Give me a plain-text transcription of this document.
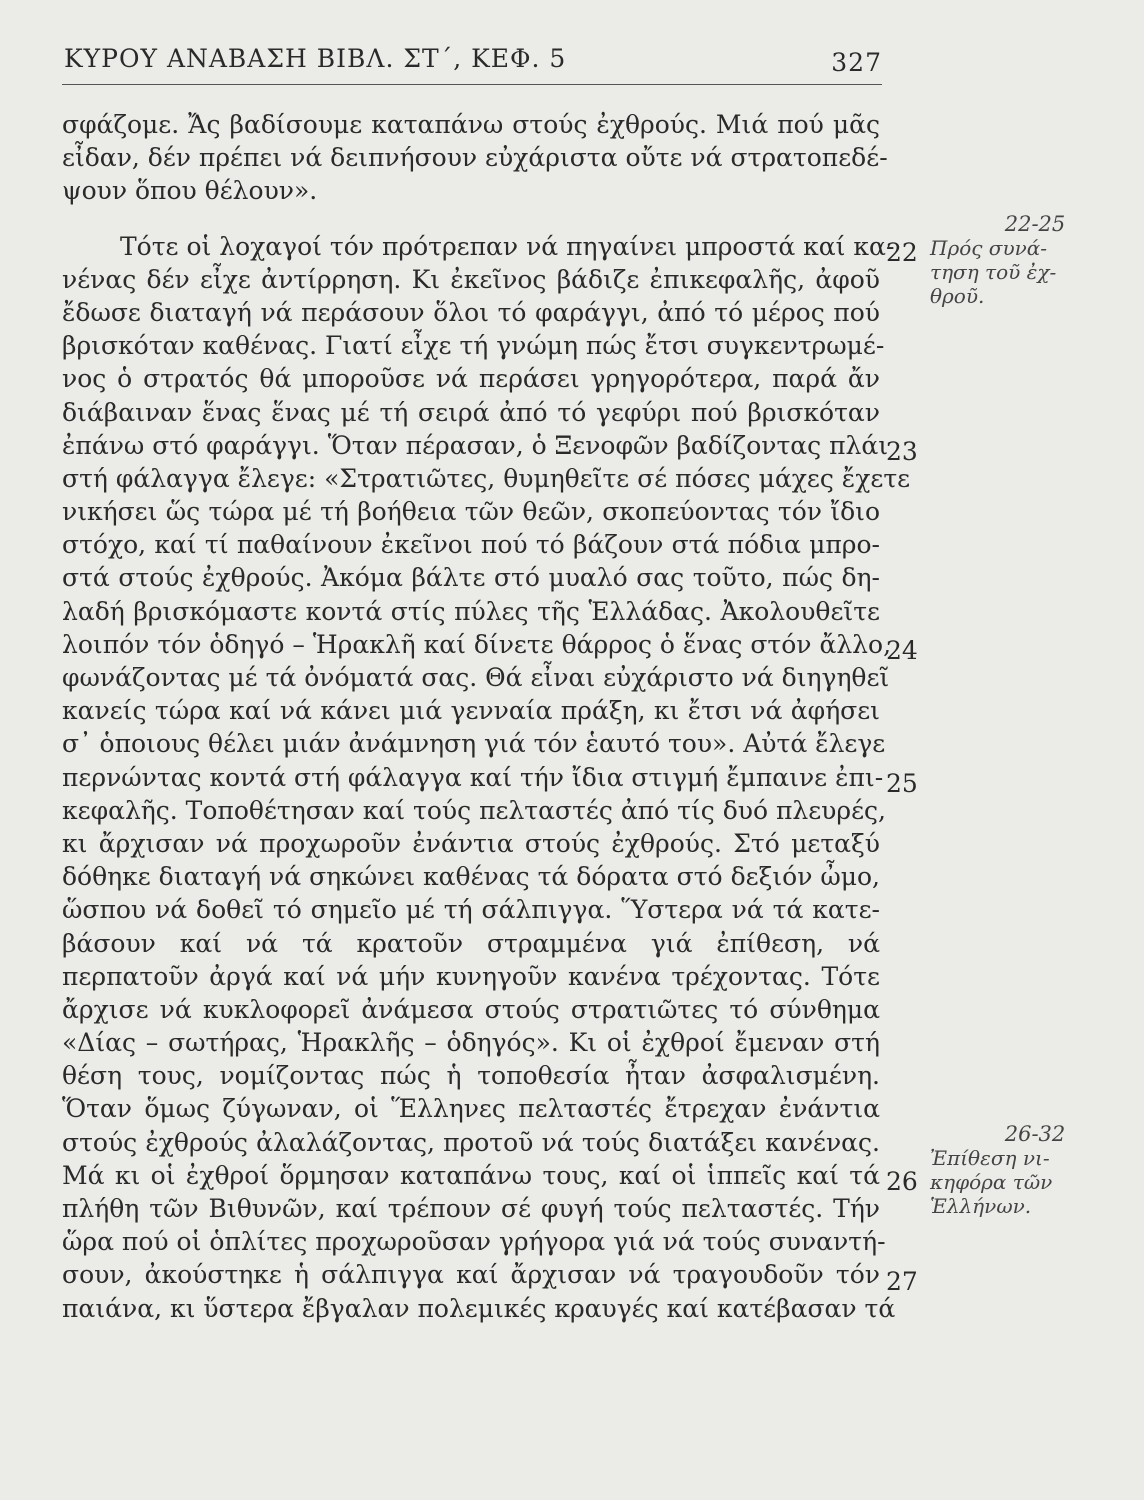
ΚΥΡΟΥ ΑΝΑΒΑΣΗ ΒΙΒΛ. ΣΤ΄, ΚΕΦ. 5	327
σφάζομε. Ἄς βαδίσουμε καταπάνω στούς ἐχθρούς. Μιά πού μᾶς
εἶδαν, δέν πρέπει νά δειπνήσουν εὐχάριστα οὔτε νά στρατοπεδέ-
ψουν ὅπου θέλουν».
Τότε οἱ λοχαγοί τόν πρότρεπαν νά πηγαίνει μπροστά καί κα-
νένας δέν εἶχε ἀντίρρηση. Κι ἐκεῖνος βάδιζε ἐπικεφαλῆς, ἀφοῦ
ἔδωσε διαταγή νά περάσουν ὅλοι τό φαράγγι, ἀπό τό μέρος πού
βρισκόταν καθένας. Γιατί εἶχε τή γνώμη πώς ἔτσι συγκεντρωμέ-
νος ὁ στρατός θά μποροῦσε νά περάσει γρηγορότερα, παρά ἄν
διάβαιναν ἕνας ἕνας μέ τή σειρά ἀπό τό γεφύρι πού βρισκόταν
ἐπάνω στό φαράγγι. Ὅταν πέρασαν, ὁ Ξενοφῶν βαδίζοντας πλάι
στή φάλαγγα ἔλεγε: «Στρατιῶτες, θυμηθεῖτε σέ πόσες μάχες ἔχετε
νικήσει ὥς τώρα μέ τή βοήθεια τῶν θεῶν, σκοπεύοντας τόν ἴδιο
στόχο, καί τί παθαίνουν ἐκεῖνοι πού τό βάζουν στά πόδια μπρο-
στά στούς ἐχθρούς. Ἀκόμα βάλτε στό μυαλό σας τοῦτο, πώς δη-
λαδή βρισκόμαστε κοντά στίς πύλες τῆς Ἑλλάδας. Ἀκολουθεῖτε
λοιπόν τόν ὁδηγό – Ἡρακλῆ καί δίνετε θάρρος ὁ ἕνας στόν ἄλλο,
φωνάζοντας μέ τά ὀνόματά σας. Θά εἶναι εὐχάριστο νά διηγηθεῖ
κανείς τώρα καί νά κάνει μιά γενναία πράξη, κι ἔτσι νά ἀφήσει
σ᾽ ὁποιους θέλει μιάν ἀνάμνηση γιά τόν ἑαυτό του». Αὐτά ἔλεγε
περνώντας κοντά στή φάλαγγα καί τήν ἴδια στιγμή ἔμπαινε ἐπι-
κεφαλῆς. Τοποθέτησαν καί τούς πελταστές ἀπό τίς δυό πλευρές,
κι ἄρχισαν νά προχωροῦν ἐνάντια στούς ἐχθρούς. Στό μεταξύ
δόθηκε διαταγή νά σηκώνει καθένας τά δόρατα στό δεξιόν ὦμο,
ὥσπου νά δοθεῖ τό σημεῖο μέ τή σάλπιγγα. Ὕστερα νά τά κατε-
βάσουν καί νά τά κρατοῦν στραμμένα γιά ἐπίθεση, νά
περπατοῦν ἀργά καί νά μήν κυνηγοῦν κανένα τρέχοντας. Τότε
ἄρχισε νά κυκλοφορεῖ ἀνάμεσα στούς στρατιῶτες τό σύνθημα
«Δίας – σωτήρας, Ἡρακλῆς – ὁδηγός». Κι οἱ ἐχθροί ἔμεναν στή
θέση τους, νομίζοντας πώς ἡ τοποθεσία ἦταν ἀσφαλισμένη.
Ὅταν ὅμως ζύγωναν, οἱ Ἕλληνες πελταστές ἔτρεχαν ἐνάντια
στούς ἐχθρούς ἀλαλάζοντας, προτοῦ νά τούς διατάξει κανένας.
Μά κι οἱ ἐχθροί ὅρμησαν καταπάνω τους, καί οἱ ἱππεῖς καί τά
πλήθη τῶν Βιθυνῶν, καί τρέπουν σέ φυγή τούς πελταστές. Τήν
ὥρα πού οἱ ὁπλίτες προχωροῦσαν γρήγορα γιά νά τούς συναντή-
σουν, ἀκούστηκε ἡ σάλπιγγα καί ἄρχισαν νά τραγουδοῦν τόν
παιάνα, κι ὕστερα ἔβγαλαν πολεμικές κραυγές καί κατέβασαν τά
22
23
24
25
26
27
22-25
Πρός συνά-
τηση τοῦ ἐχ-
θροῦ.
26-32
Ἐπίθεση νι-
κηφόρα τῶν
Ἑλλήνων.
